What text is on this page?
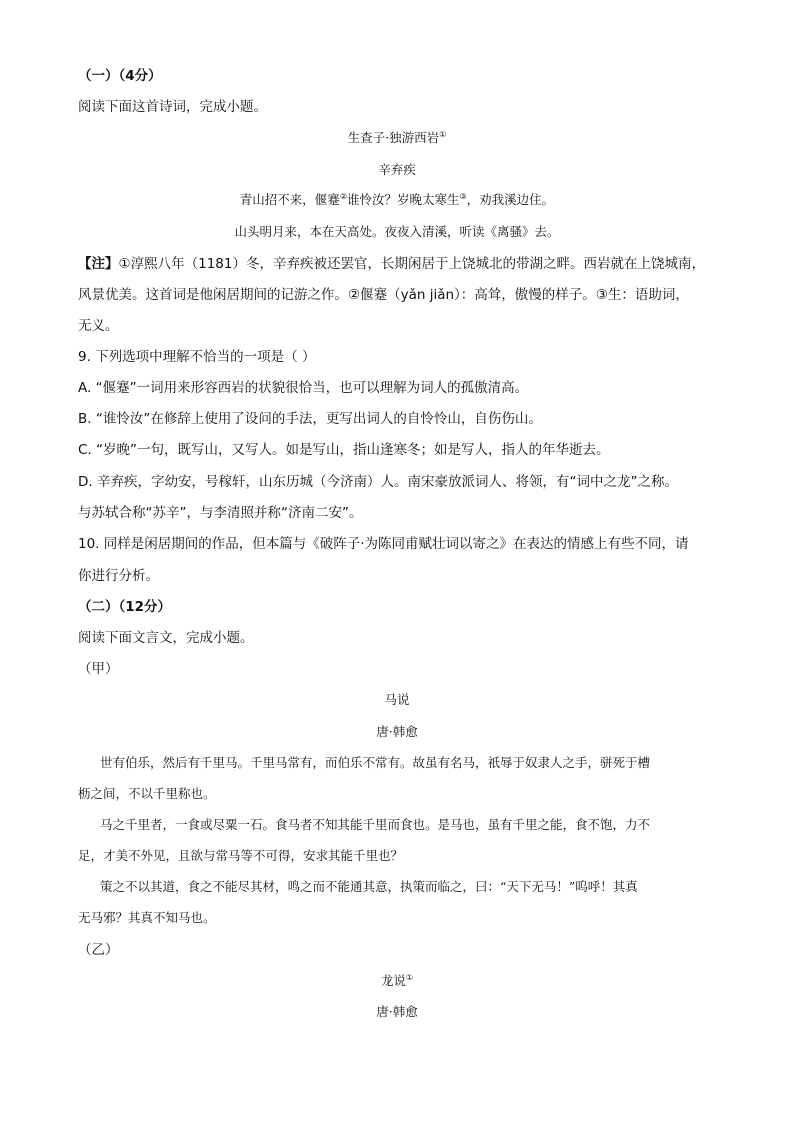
（一）（4分）
阅读下面这首诗词，完成小题。
生查子·独游西岩①
辛弃疾
青山招不来，偃蹇②谁怜汝？岁晚太寒生③，劝我溪边住。
山头明月来，本在天高处。夜夜入清溪，听读《离骚》去。
【注】①淳熙八年（1181）冬，辛弃疾被还罢官，长期闲居于上饶城北的带湖之畔。西岩就在上饶城南，
风景优美。这首词是他闲居期间的记游之作。②偃蹇（yǎn jiǎn）：高耸，傲慢的样子。③生：语助词，
无义。
9. 下列选项中理解不恰当的一项是（ ）
A. “偃蹇”一词用来形容西岩的状貌很恰当，也可以理解为词人的孤傲清高。
B. “谁怜汝”在修辞上使用了设问的手法，更写出词人的自怜怜山，自伤伤山。
C. “岁晚”一句，既写山，又写人。如是写山，指山逢寒冬；如是写人，指人的年华逝去。
D. 辛弃疾，字幼安，号稼轩，山东历城（今济南）人。南宋豪放派词人、将领，有“词中之龙”之称。
与苏轼合称“苏辛”，与李清照并称“济南二安”。
10. 同样是闲居期间的作品，但本篇与《破阵子·为陈同甫赋壮词以寄之》在表达的情感上有些不同，请
你进行分析。
（二）（12分）
阅读下面文言文，完成小题。
（甲）
马说
唐·韩愈
世有伯乐，然后有千里马。千里马常有，而伯乐不常有。故虽有名马，祇辱于奴隶人之手，骈死于槽
枥之间，不以千里称也。
马之千里者，一食或尽粟一石。食马者不知其能千里而食也。是马也，虽有千里之能，食不饱，力不
足，才美不外见，且欲与常马等不可得，安求其能千里也？
策之不以其道，食之不能尽其材，鸣之而不能通其意，执策而临之，曰：“天下无马！”呜呼！其真
无马邪？其真不知马也。
（乙）
龙说①
唐·韩愈
